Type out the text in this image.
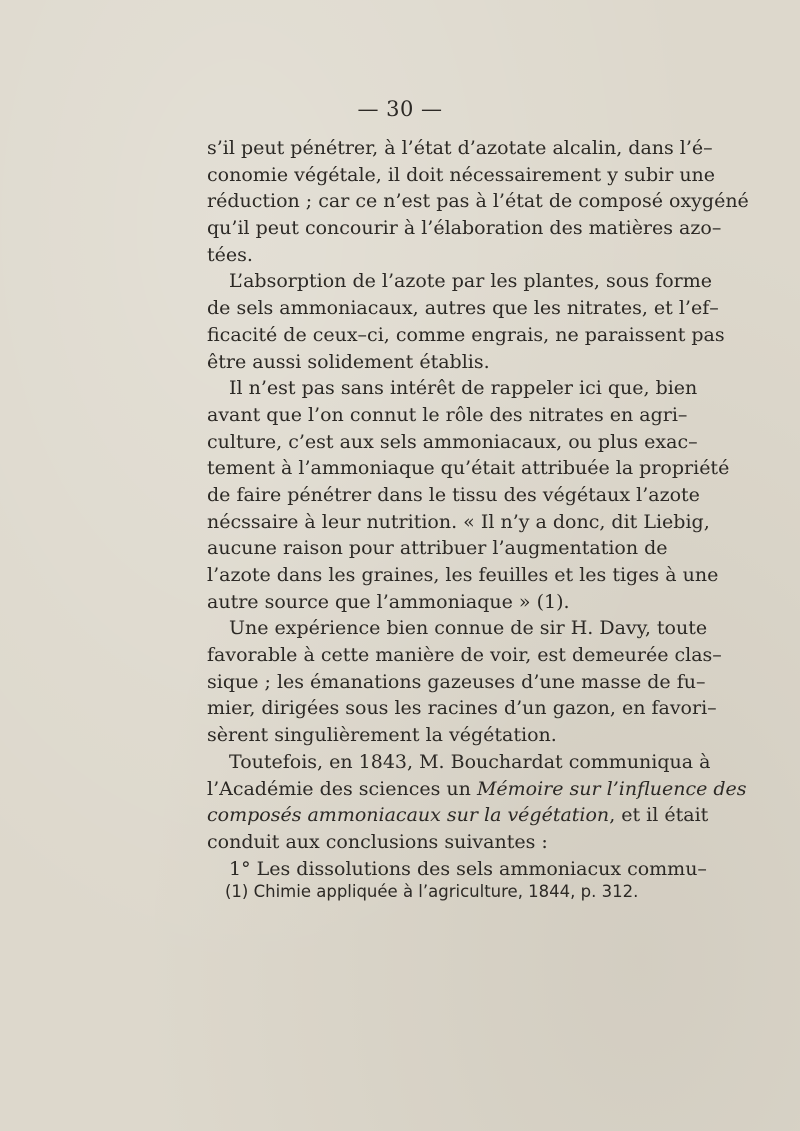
— 30 —
s’il peut pénétrer, à l’état d’azotate alcalin, dans l’é–
conomie végétale, il doit nécessairement y subir une
réduction ; car ce n’est pas à l’état de composé oxygéné
qu’il peut concourir à l’élaboration des matières azo–
tées.
L’absorption de l’azote par les plantes, sous forme
de sels ammoniacaux, autres que les nitrates, et l’ef–
ficacité de ceux–ci, comme engrais, ne paraissent pas
être aussi solidement établis.
Il n’est pas sans intérêt de rappeler ici que, bien
avant que l’on connut le rôle des nitrates en agri–
culture, c’est aux sels ammoniacaux, ou plus exac–
tement à l’ammoniaque qu’était attribuée la propriété
de faire pénétrer dans le tissu des végétaux l’azote
nécssaire à leur nutrition. « Il n’y a donc, dit Liebig,
aucune raison pour attribuer l’augmentation de
l’azote dans les graines, les feuilles et les tiges à une
autre source que l’ammoniaque » (1).
Une expérience bien connue de sir H. Davy, toute
favorable à cette manière de voir, est demeurée clas–
sique ; les émanations gazeuses d’une masse de fu–
mier, dirigées sous les racines d’un gazon, en favori–
sèrent singulièrement la végétation.
Toutefois, en 1843, M. Bouchardat communiqua à
l’Académie des sciences un Mémoire sur l’influence des
composés ammoniacaux sur la végétation, et il était
conduit aux conclusions suivantes :
1° Les dissolutions des sels ammoniacux commu–
(1) Chimie appliquée à l’agriculture, 1844, p. 312.
